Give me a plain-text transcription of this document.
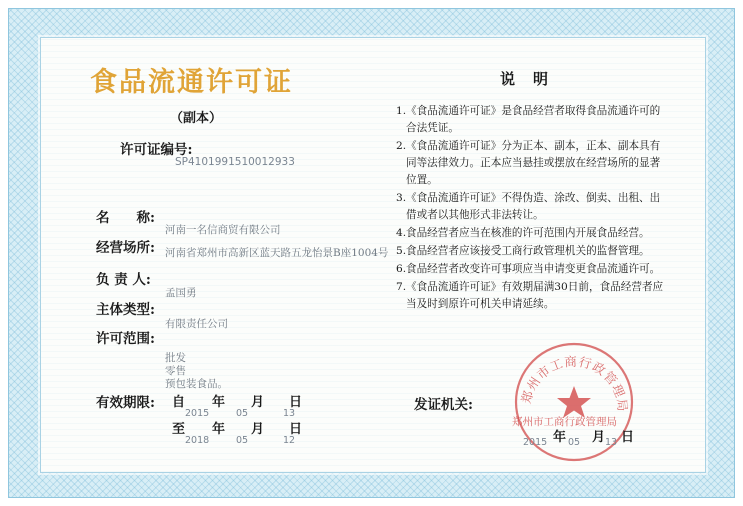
食品流通许可证
（副本）
许可证编号:
SP4101991510012933
名　　称:
河南一名信商贸有限公司
经营场所: 河南省郑州市高新区蓝天路五龙怡景B座1004号
负 责 人:
孟国勇
主体类型:
有限责任公司
许可范围:
批发
零售
预包装食品。
有效期限: 自 年 月 日
2015	05	13
至 年 月 日
2018	05	12
说明
1.《食品流通许可证》是食品经营者取得食品流通许可的
合法凭证。
2.《食品流通许可证》分为正本、副本，正本、副本具有
同等法律效力。正本应当悬挂或摆放在经营场所的显著
位置。
3.《食品流通许可证》不得伪造、涂改、倒卖、出租、出
借或者以其他形式非法转让。
4.食品经营者应当在核准的许可范围内开展食品经营。
5.食品经营者应该接受工商行政管理机关的监督管理。
6.食品经营者改变许可事项应当申请变更食品流通许可。
7.《食品流通许可证》有效期届满30日前，食品经营者应
当及时到原许可机关申请延续。
发证机关:	郑州市工商行政管理局
郑州市工商行政管理局
年 月 日
2015 05	13
